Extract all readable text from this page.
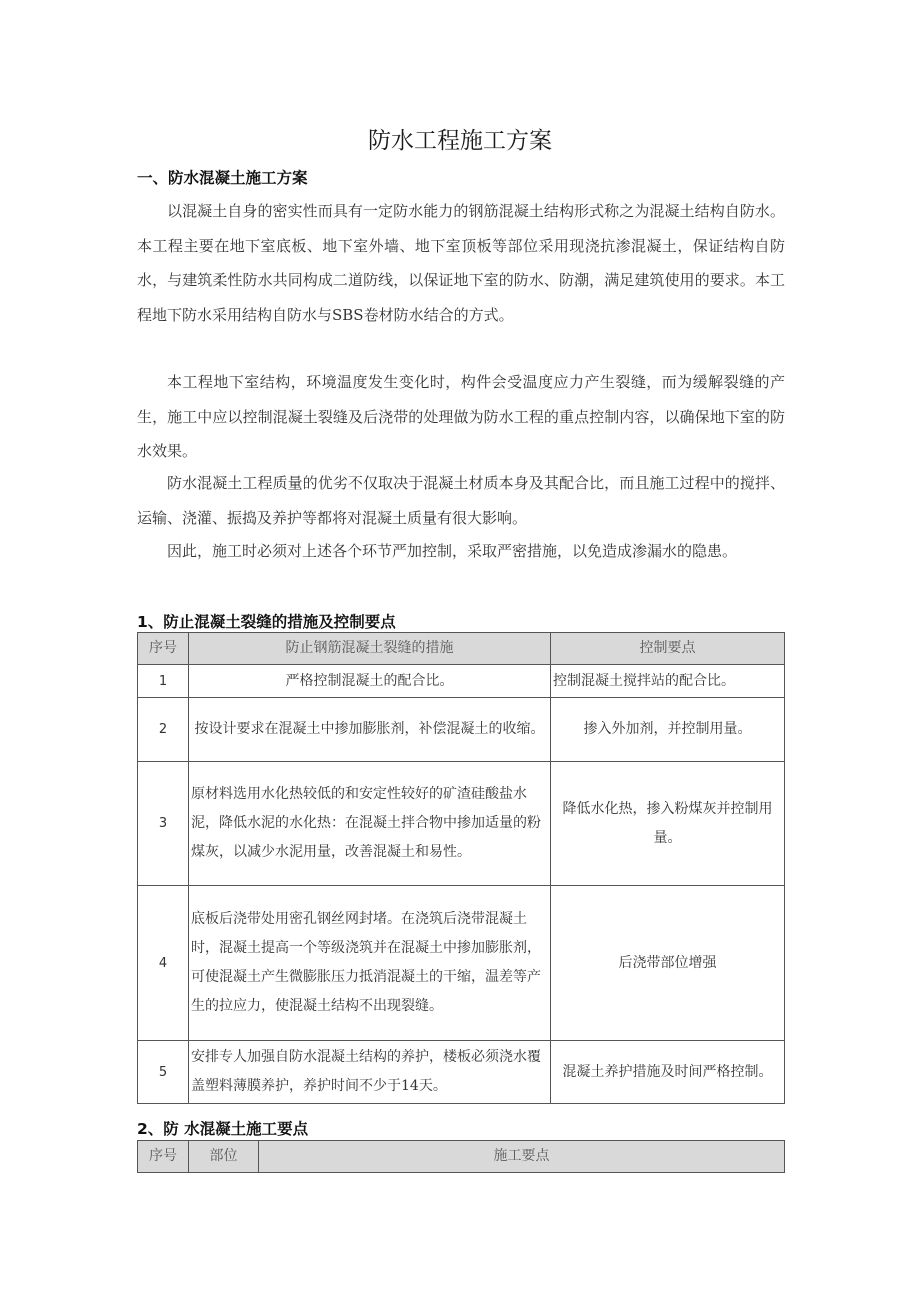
防水工程施工方案
一、防水混凝土施工方案

以混凝土自身的密实性而具有一定防水能力的钢筋混凝土结构形式称之为混凝土结构自防水。本工程主要在地下室底板、地下室外墙、地下室顶板等部位采用现浇抗渗混凝土，保证结构自防水，与建筑柔性防水共同构成二道防线，以保证地下室的防水、防潮，满足建筑使用的要求。本工程地下防水采用结构自防水与SBS卷材防水结合的方式。

本工程地下室结构，环境温度发生变化时，构件会受温度应力产生裂缝，而为缓解裂缝的产生，施工中应以控制混凝土裂缝及后浇带的处理做为防水工程的重点控制内容，以确保地下室的防水效果。

防水混凝土工程质量的优劣不仅取决于混凝土材质本身及其配合比，而且施工过程中的搅拌、运输、浇灌、振捣及养护等都将对混凝土质量有很大影响。

因此，施工时必须对上述各个环节严加控制，采取严密措施，以免造成渗漏水的隐患。

1、防止混凝土裂缝的措施及控制要点
序号	防止钢筋混凝土裂缝的措施	控制要点
1	严格控制混凝土的配合比。	控制混凝土搅拌站的配合比。
2	按设计要求在混凝土中掺加膨胀剂，补偿混凝土的收缩。	掺入外加剂，并控制用量。
3	原材料选用水化热较低的和安定性较好的矿渣硅酸盐水泥，降低水泥的水化热：在混凝土拌合物中掺加适量的粉煤灰，以减少水泥用量，改善混凝土和易性。	降低水化热，掺入粉煤灰并控制用量。
4	底板后浇带处用密孔钢丝网封堵。在浇筑后浇带混凝土时，混凝土提高一个等级浇筑并在混凝土中掺加膨胀剂，可使混凝土产生微膨胀压力抵消混凝土的干缩，温差等产生的拉应力，使混凝土结构不出现裂缝。	后浇带部位增强
5	安排专人加强自防水混凝土结构的养护，楼板必须浇水覆盖塑料薄膜养护，养护时间不少于14天。	混凝土养护措施及时间严格控制。
2、防 水混凝土施工要点
序号	部位	施工要点
